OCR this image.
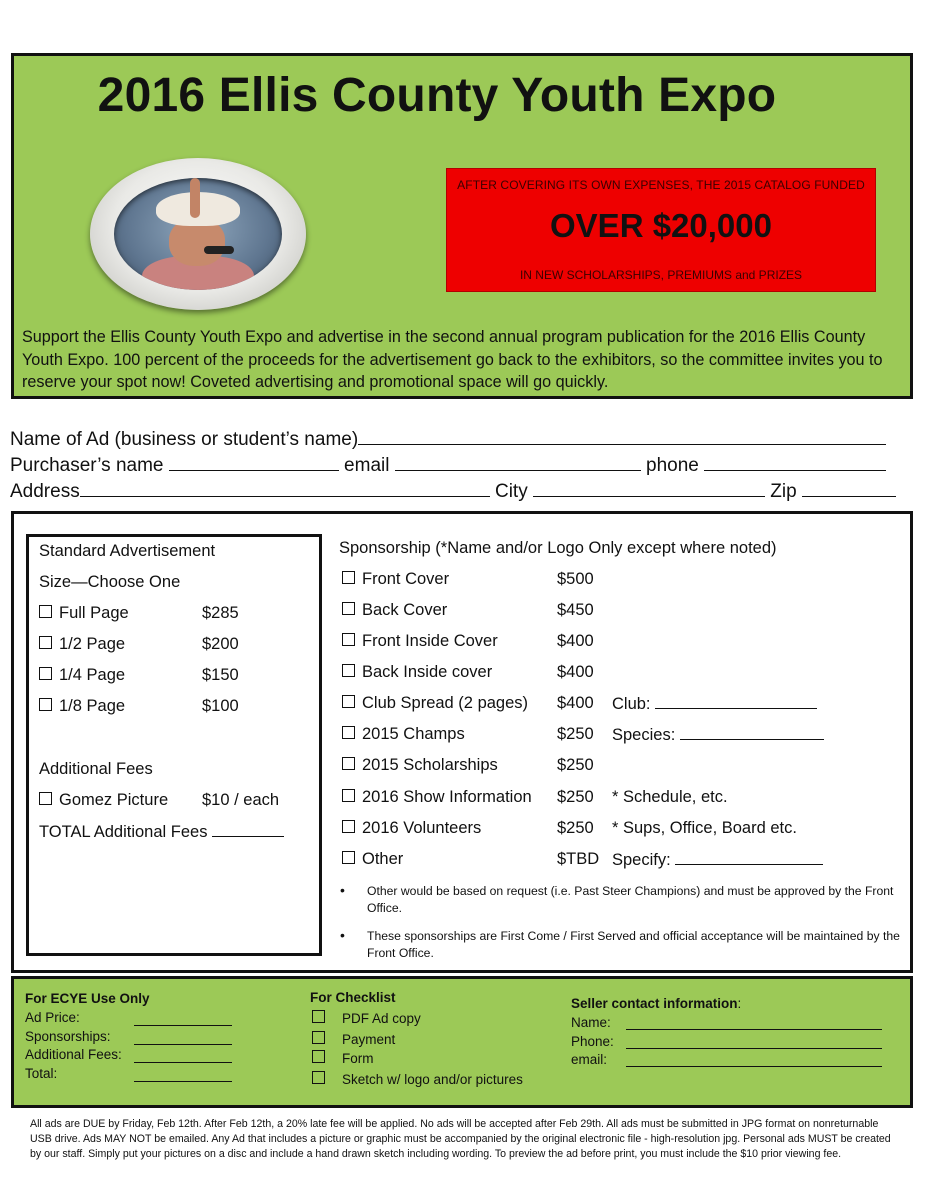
2016 Ellis County Youth Expo
AFTER COVERING ITS OWN EXPENSES, THE 2015 CATALOG FUNDED
OVER $20,000
IN NEW SCHOLARSHIPS, PREMIUMS and PRIZES
Support the Ellis County Youth Expo and advertise in the second annual program publication for the 2016 Ellis County Youth Expo. 100 percent of the proceeds for the advertisement go back to the exhibitors, so the committee invites you to reserve your spot now! Coveted advertising and promotional space will go quickly.
Name of Ad (business or student’s name)
Purchaser’s name	email	phone
Address	City	Zip
Standard Advertisement
Size—Choose One
Full Page	$285
1/2 Page	$200
1/4 Page	$150
1/8 Page	$100
Additional Fees
Gomez Picture $10 / each
TOTAL Additional Fees
Sponsorship (*Name and/or Logo Only except where noted)
Front Cover	$500
Back Cover	$450
Front Inside Cover	$400
Back Inside cover	$400
Club Spread (2 pages) $400 Club:
2015 Champs	$250 Species:
2015 Scholarships	$250
2016 Show Information $250 * Schedule, etc.
2016 Volunteers	$250 * Sups, Office, Board etc.
Other	$TBD Specify:
• Other would be based on request (i.e. Past Steer Champions) and must be approved by the Front Office.
• These sponsorships are First Come / First Served and official acceptance will be maintained by the Front Office.
For ECYE Use Only
Ad Price:
Sponsorships:
Additional Fees:
Total:
For Checklist
PDF Ad copy
Payment
Form
Sketch w/ logo and/or pictures
Seller contact information:
Name:
Phone:
email:
All ads are DUE by Friday, Feb 12th. After Feb 12th, a 20% late fee will be applied. No ads will be accepted after Feb 29th. All ads must be submitted in JPG format on nonreturnable USB drive. Ads MAY NOT be emailed. Any Ad that includes a picture or graphic must be accompanied by the original electronic file - high-resolution jpg. Personal ads MUST be created by our staff. Simply put your pictures on a disc and include a hand drawn sketch including wording. To preview the ad before print, you must include the $10 prior viewing fee.
